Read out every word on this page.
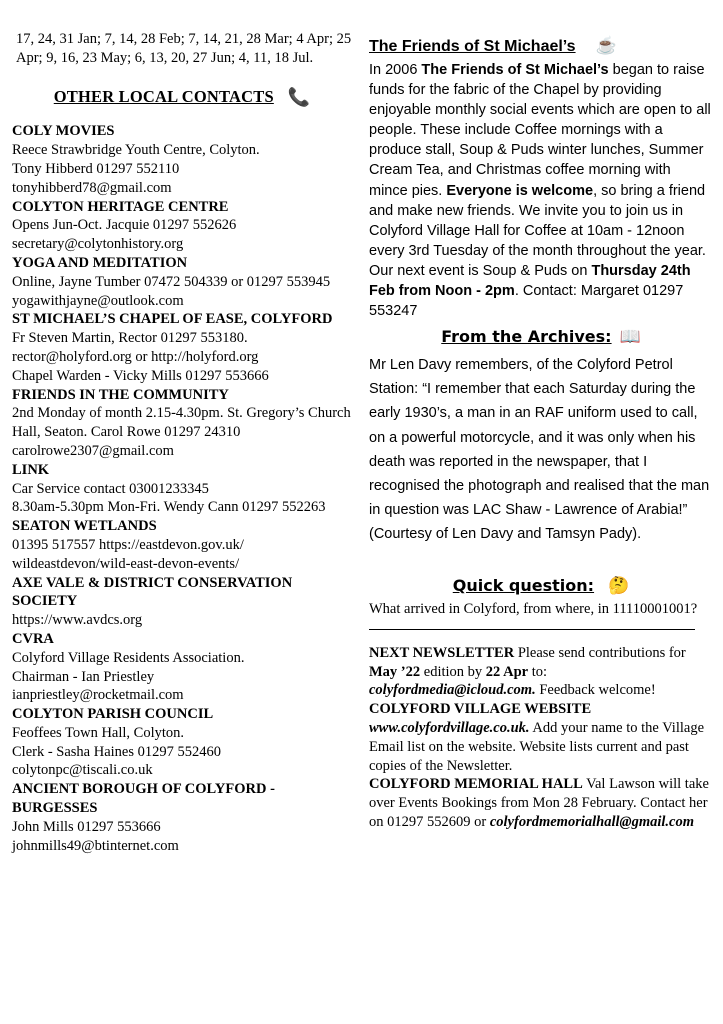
17, 24, 31 Jan; 7, 14, 28 Feb; 7, 14, 21, 28 Mar; 4 Apr; 25 Apr; 9, 16, 23 May; 6, 13, 20, 27 Jun; 4, 11, 18 Jul.
OTHER LOCAL CONTACTS 📞
COLY MOVIES
Reece Strawbridge Youth Centre, Colyton.
Tony Hibberd 01297 552110
tonyhibberd78@gmail.com
COLYTON HERITAGE CENTRE
Opens Jun-Oct. Jacquie 01297 552626
secretary@colytonhistory.org
YOGA AND MEDITATION
Online, Jayne Tumber 07472 504339 or 01297 553945 yogawithjayne@outlook.com
ST MICHAEL’S CHAPEL OF EASE, COLYFORD
Fr Steven Martin, Rector 01297 553180.
rector@holyford.org or http://holyford.org
Chapel Warden - Vicky Mills 01297 553666
FRIENDS IN THE COMMUNITY
2nd Monday of month 2.15-4.30pm. St. Gregory’s Church Hall, Seaton. Carol Rowe 01297 24310
carolrowe2307@gmail.com
LINK
Car Service contact 03001233345
8.30am-5.30pm Mon-Fri. Wendy Cann 01297 552263
SEATON WETLANDS
01395 517557 https://eastdevon.gov.uk/ wildeastdevon/wild-east-devon-events/
AXE VALE & DISTRICT CONSERVATION SOCIETY
https://www.avdcs.org
CVRA
Colyford Village Residents Association.
Chairman - Ian Priestley
ianpriestley@rocketmail.com
COLYTON PARISH COUNCIL
Feoffees Town Hall, Colyton.
Clerk - Sasha Haines 01297 552460
colytonpc@tiscali.co.uk
ANCIENT BOROUGH OF COLYFORD - BURGESSES
John Mills 01297 553666
johnmills49@btinternet.com
The Friends of St Michael’s ☕
In 2006 The Friends of St Michael’s began to raise funds for the fabric of the Chapel by providing enjoyable monthly social events which are open to all people. These include Coffee mornings with a produce stall, Soup & Puds winter lunches, Summer Cream Tea, and Christmas coffee morning with mince pies. Everyone is welcome, so bring a friend and make new friends. We invite you to join us in Colyford Village Hall for Coffee at 10am - 12noon every 3rd Tuesday of the month throughout the year. Our next event is Soup & Puds on Thursday 24th Feb from Noon - 2pm. Contact: Margaret 01297 553247
From the Archives: 📖
Mr Len Davy remembers, of the Colyford Petrol Station: “I remember that each Saturday during the early 1930’s, a man in an RAF uniform used to call, on a powerful motorcycle, and it was only when his death was reported in the newspaper, that I recognised the photograph and realised that the man in question was LAC Shaw - Lawrence of Arabia!” (Courtesy of Len Davy and Tamsyn Pady).
Quick question: 🤔
What arrived in Colyford, from where, in 11110001001?
NEXT NEWSLETTER Please send contributions for May ’22 edition by 22 Apr to: colyfordmedia@icloud.com. Feedback welcome!
COLYFORD VILLAGE WEBSITE
www.colyfordvillage.co.uk. Add your name to the Village Email list on the website. Website lists current and past copies of the Newsletter.
COLYFORD MEMORIAL HALL Val Lawson will take over Events Bookings from Mon 28 February. Contact her on 01297 552609 or colyfordmemorialhall@gmail.com
